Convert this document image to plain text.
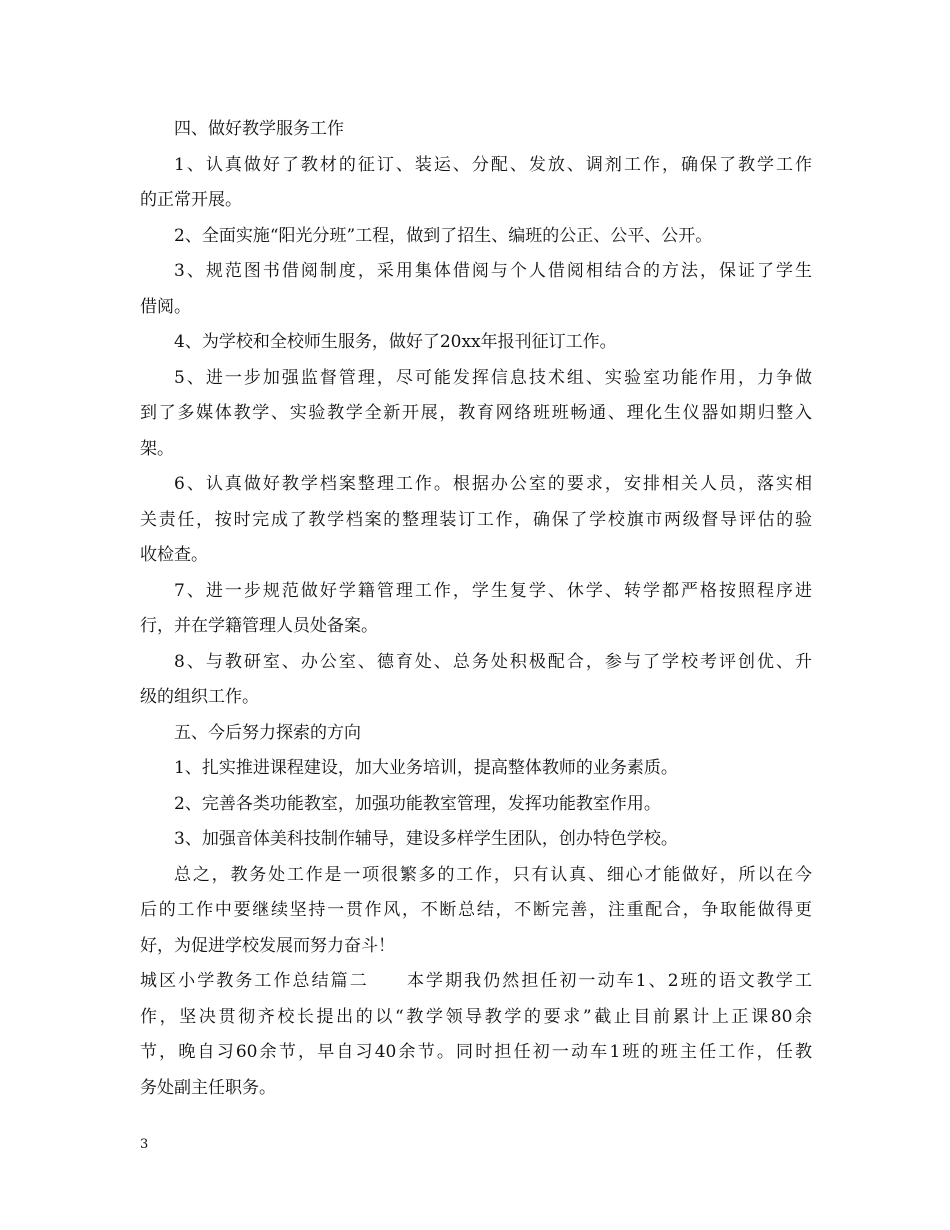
四、做好教学服务工作
1、认真做好了教材的征订、装运、分配、发放、调剂工作，确保了教学工作
的正常开展。
2、全面实施“阳光分班”工程，做到了招生、编班的公正、公平、公开。
3、规范图书借阅制度，采用集体借阅与个人借阅相结合的方法，保证了学生
借阅。
4、为学校和全校师生服务，做好了20xx年报刊征订工作。
5、进一步加强监督管理，尽可能发挥信息技术组、实验室功能作用，力争做
到了多媒体教学、实验教学全新开展，教育网络班班畅通、理化生仪器如期归整入
架。
6、认真做好教学档案整理工作。根据办公室的要求，安排相关人员，落实相
关责任，按时完成了教学档案的整理装订工作，确保了学校旗市两级督导评估的验
收检查。
7、进一步规范做好学籍管理工作，学生复学、休学、转学都严格按照程序进
行，并在学籍管理人员处备案。
8、与教研室、办公室、德育处、总务处积极配合，参与了学校考评创优、升
级的组织工作。
五、今后努力探索的方向
1、扎实推进课程建设，加大业务培训，提高整体教师的业务素质。
2、完善各类功能教室，加强功能教室管理，发挥功能教室作用。
3、加强音体美科技制作辅导，建设多样学生团队，创办特色学校。
总之，教务处工作是一项很繁多的工作，只有认真、细心才能做好，所以在今
后的工作中要继续坚持一贯作风，不断总结，不断完善，注重配合，争取能做得更
好，为促进学校发展而努力奋斗！
城区小学教务工作总结篇二　　本学期我仍然担任初一动车1、2班的语文教学工
作，坚决贯彻齐校长提出的以“教学领导教学的要求”截止目前累计上正课80余
节，晚自习60余节，早自习40余节。同时担任初一动车1班的班主任工作，任教
务处副主任职务。
3
